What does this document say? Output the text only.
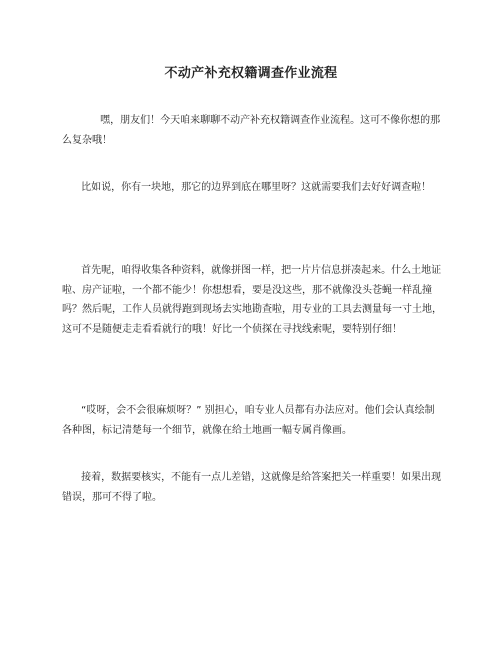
不动产补充权籍调查作业流程
嘿，朋友们！今天咱来聊聊不动产补充权籍调查作业流程。这可不像你想的那么复杂哦！
比如说，你有一块地，那它的边界到底在哪里呀？这就需要我们去好好调查啦！
首先呢，咱得收集各种资料，就像拼图一样，把一片片信息拼凑起来。什么土地证啦、房产证啦，一个都不能少！你想想看，要是没这些，那不就像没头苍蝇一样乱撞吗？然后呢，工作人员就得跑到现场去实地勘查啦，用专业的工具去测量每一寸土地，这可不是随便走走看看就行的哦！好比一个侦探在寻找线索呢，要特别仔细！
“哎呀，会不会很麻烦呀？” 别担心，咱专业人员都有办法应对。他们会认真绘制各种图，标记清楚每一个细节，就像在给土地画一幅专属肖像画。
接着，数据要核实，不能有一点儿差错，这就像是给答案把关一样重要！如果出现错误，那可不得了啦。
